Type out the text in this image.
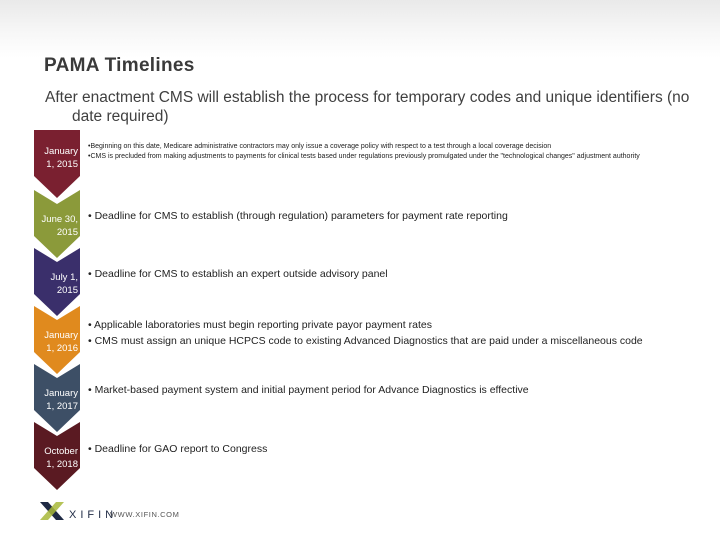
PAMA Timelines
After enactment CMS will establish the process for temporary codes and unique identifiers (no date required)
January 1, 2015
• Beginning on this date, Medicare administrative contractors may only issue a coverage policy with respect to a test through a local coverage decision
• CMS is precluded from making adjustments to payments for clinical tests based under regulations previously promulgated under the "technological changes" adjustment authority
June 30, 2015
• Deadline for CMS to establish (through regulation) parameters for payment rate reporting
July 1, 2015
• Deadline for CMS to establish an expert outside advisory panel
January 1, 2016
• Applicable laboratories must begin reporting private payor payment rates
• CMS must assign an unique HCPCS code to existing Advanced Diagnostics that are paid under a miscellaneous code
January 1, 2017
• Market-based payment system and initial payment period for Advance Diagnostics is effective
October 1, 2018
• Deadline for GAO report to Congress
XIFIN
WWW.XIFIN.COM
